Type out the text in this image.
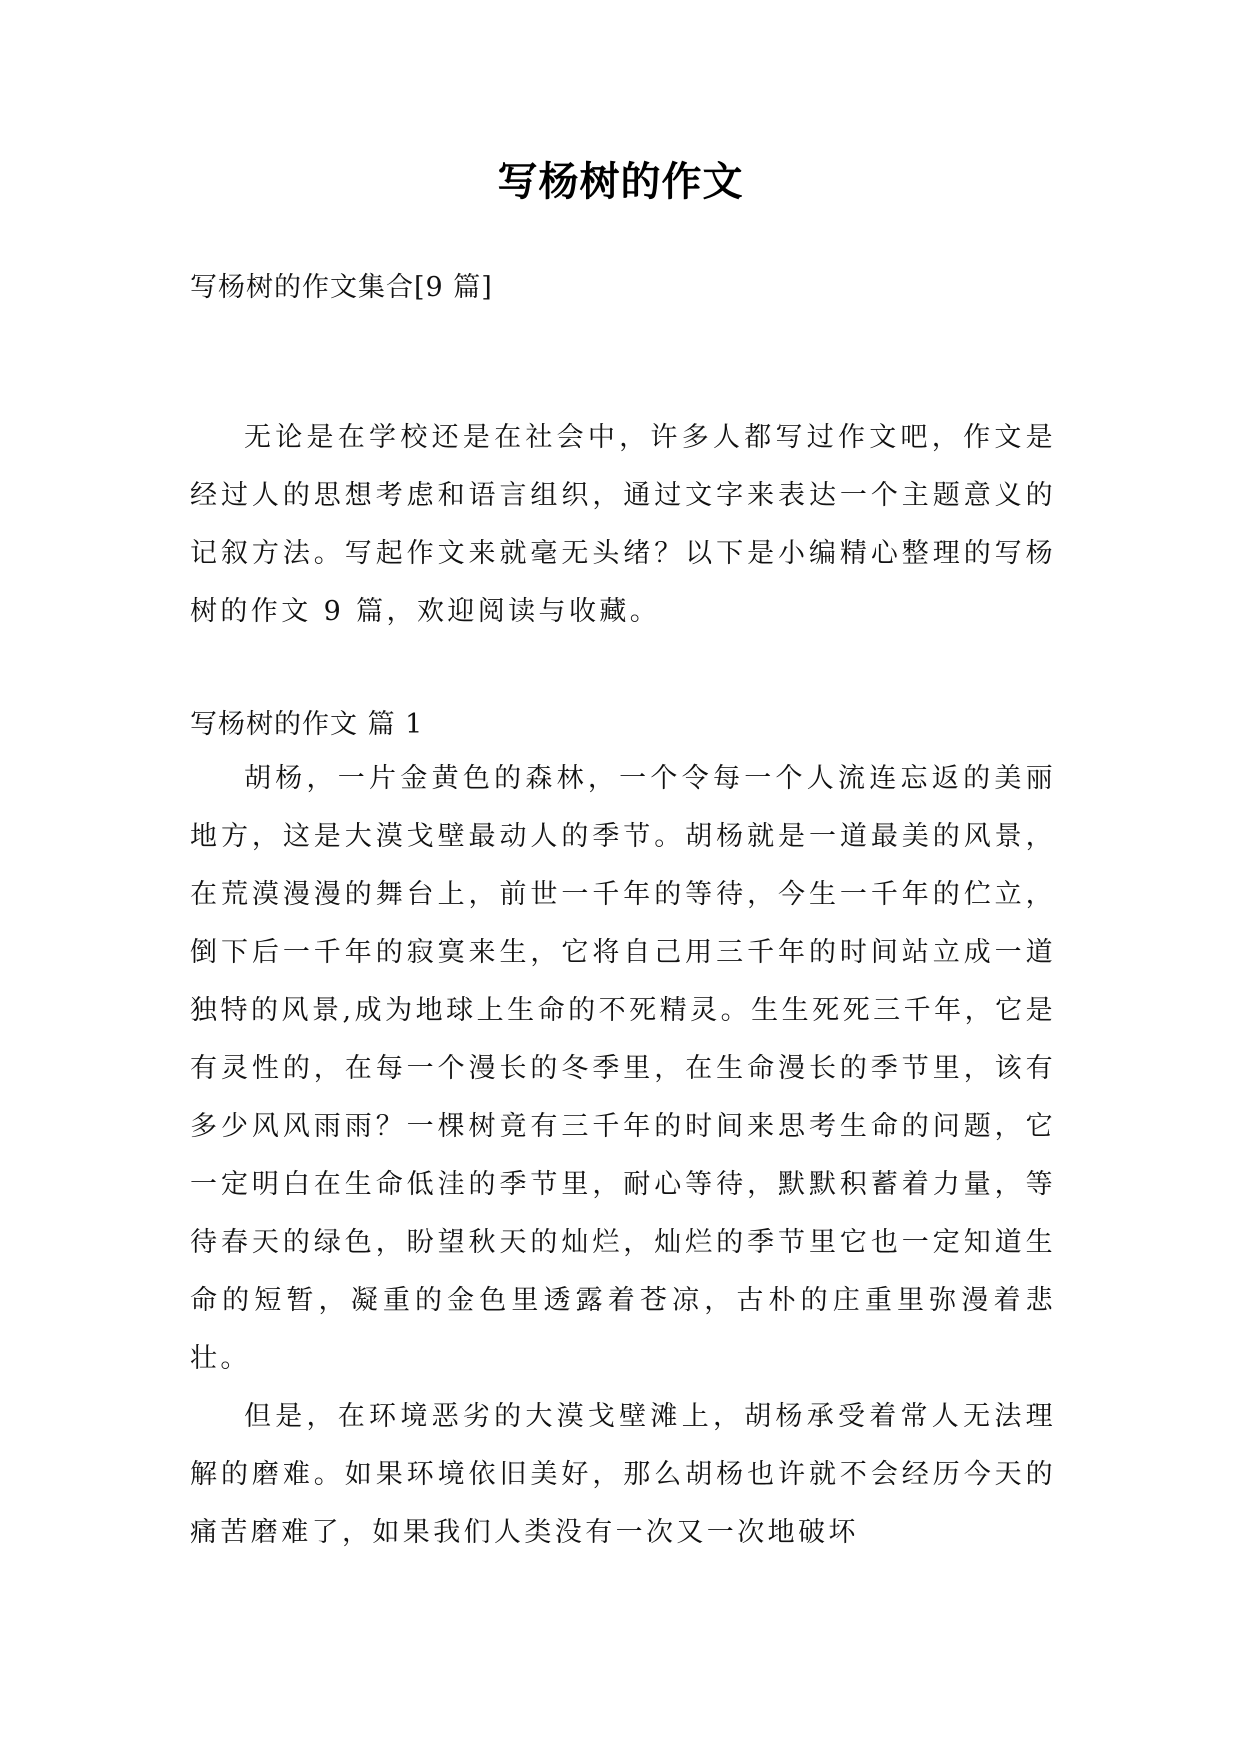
写杨树的作文
写杨树的作文集合[9 篇]

无论是在学校还是在社会中，许多人都写过作文吧，作文是经过人的思想考虑和语言组织，通过文字来表达一个主题意义的记叙方法。写起作文来就毫无头绪？以下是小编精心整理的写杨树的作文 9 篇，欢迎阅读与收藏。

写杨树的作文 篇 1

胡杨，一片金黄色的森林，一个令每一个人流连忘返的美丽地方，这是大漠戈壁最动人的季节。胡杨就是一道最美的风景，在荒漠漫漫的舞台上，前世一千年的等待，今生一千年的伫立，倒下后一千年的寂寞来生，它将自己用三千年的时间站立成一道独特的风景,成为地球上生命的不死精灵。生生死死三千年，它是有灵性的，在每一个漫长的冬季里，在生命漫长的季节里，该有多少风风雨雨？一棵树竟有三千年的时间来思考生命的问题，它一定明白在生命低洼的季节里，耐心等待，默默积蓄着力量，等待春天的绿色，盼望秋天的灿烂，灿烂的季节里它也一定知道生命的短暂，凝重的金色里透露着苍凉，古朴的庄重里弥漫着悲壮。

但是，在环境恶劣的大漠戈壁滩上，胡杨承受着常人无法理解的磨难。如果环境依旧美好，那么胡杨也许就不会经历今天的痛苦磨难了，如果我们人类没有一次又一次地破坏
